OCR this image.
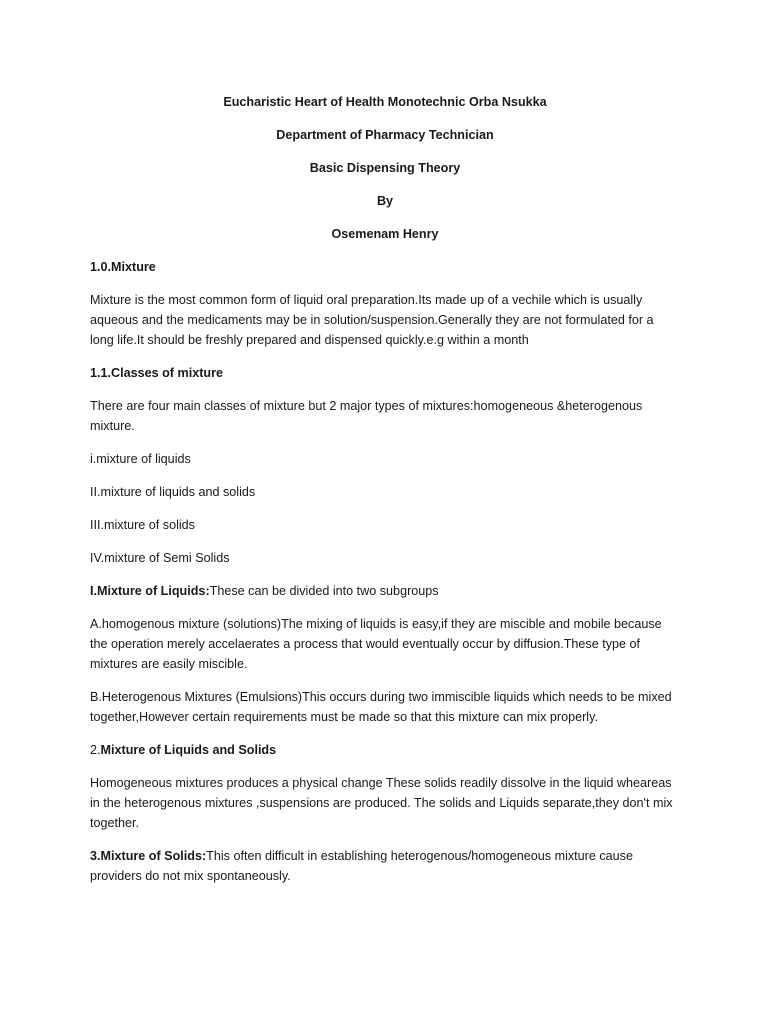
Eucharistic Heart of Health Monotechnic Orba Nsukka
Department of Pharmacy Technician
Basic Dispensing Theory
By
Osemenam Henry
1.0.Mixture
Mixture is the most common form of liquid oral preparation.Its made up of a vechile which is usually aqueous and the medicaments may be in solution/suspension.Generally they are not formulated for a long life.It should be freshly prepared and dispensed quickly.e.g within a month
1.1.Classes of mixture
There are four main classes of mixture but 2 major types of mixtures:homogeneous &heterogenous mixture.
i.mixture of liquids
II.mixture of liquids and solids
III.mixture of solids
IV.mixture of Semi Solids
I.Mixture of Liquids:These can be divided into two subgroups
A.homogenous mixture (solutions)The mixing of liquids is easy,if they are miscible and mobile because the operation merely accelaerates a process that would eventually occur by diffusion.These type of mixtures are easily miscible.
B.Heterogenous Mixtures (Emulsions)This occurs during two immiscible liquids which needs to be mixed together,However certain requirements must be made so that this mixture can mix properly.
2.Mixture of Liquids and Solids
Homogeneous mixtures produces a physical change These solids readily dissolve in the liquid wheareas in the heterogenous mixtures ,suspensions are produced. The solids and Liquids separate,they don't mix together.
3.Mixture of Solids:This often difficult in establishing heterogenous/homogeneous mixture cause providers do not mix spontaneously.
